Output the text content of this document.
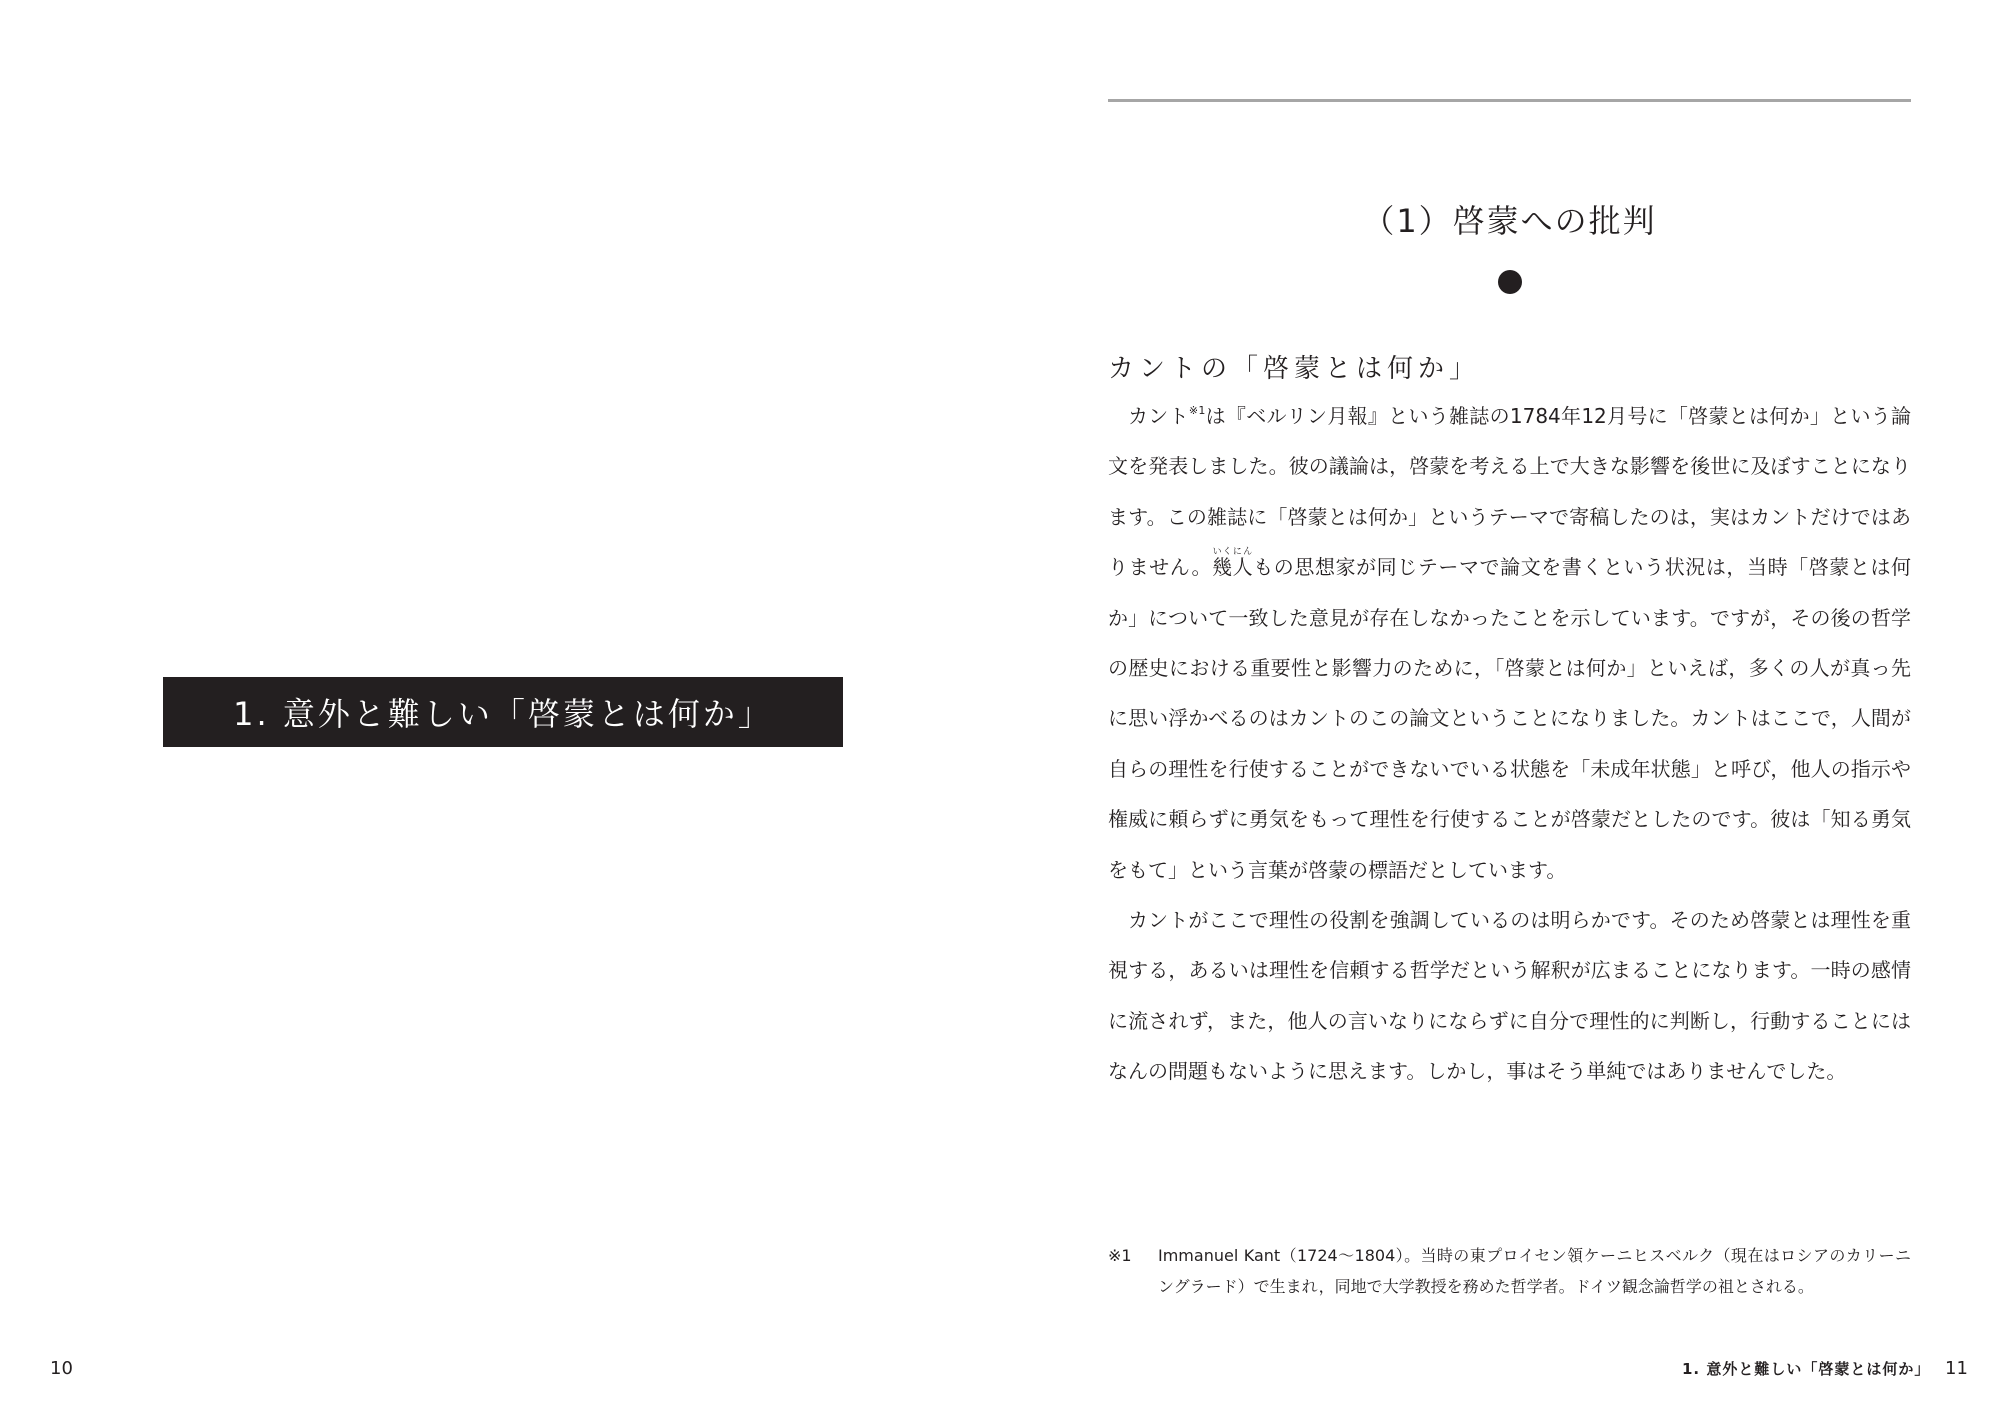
1. 意外と難しい「啓蒙とは何か」
10
（1）啓蒙への批判
カントの「啓蒙とは何か」

カント$^{※1}$は『ベルリン月報』という雑誌の1784年12月号に「啓蒙とは何か」という論文を発表しました。彼の議論は，啓蒙を考える上で大きな影響を後世に及ぼすことになります。この雑誌に「啓蒙とは何か」というテーマで寄稿したのは，実はカントだけではありません。幾人いくにんもの思想家が同じテーマで論文を書くという状況は，当時「啓蒙とは何か」について一致した意見が存在しなかったことを示しています。ですが，その後の哲学の歴史における重要性と影響力のために，「啓蒙とは何か」といえば，多くの人が真っ先に思い浮かべるのはカントのこの論文ということになりました。カントはここで，人間が自らの理性を行使することができないでいる状態を「未成年状態」と呼び，他人の指示や権威に頼らずに勇気をもって理性を行使することが啓蒙だとしたのです。彼は「知る勇気をもて」という言葉が啓蒙の標語だとしています。

カントがここで理性の役割を強調しているのは明らかです。そのため啓蒙とは理性を重視する，あるいは理性を信頼する哲学だという解釈が広まることになります。一時の感情に流されず，また，他人の言いなりにならずに自分で理性的に判断し，行動することにはなんの問題もないように思えます。しかし，事はそう単純ではありませんでした。

※1	Immanuel Kant（1724～1804）。当時の東プロイセン領ケーニヒスベルク（現在はロシアのカリーニングラード）で生まれ，同地で大学教授を務めた哲学者。ドイツ観念論哲学の祖とされる。
1. 意外と難しい「啓蒙とは何か」 11
